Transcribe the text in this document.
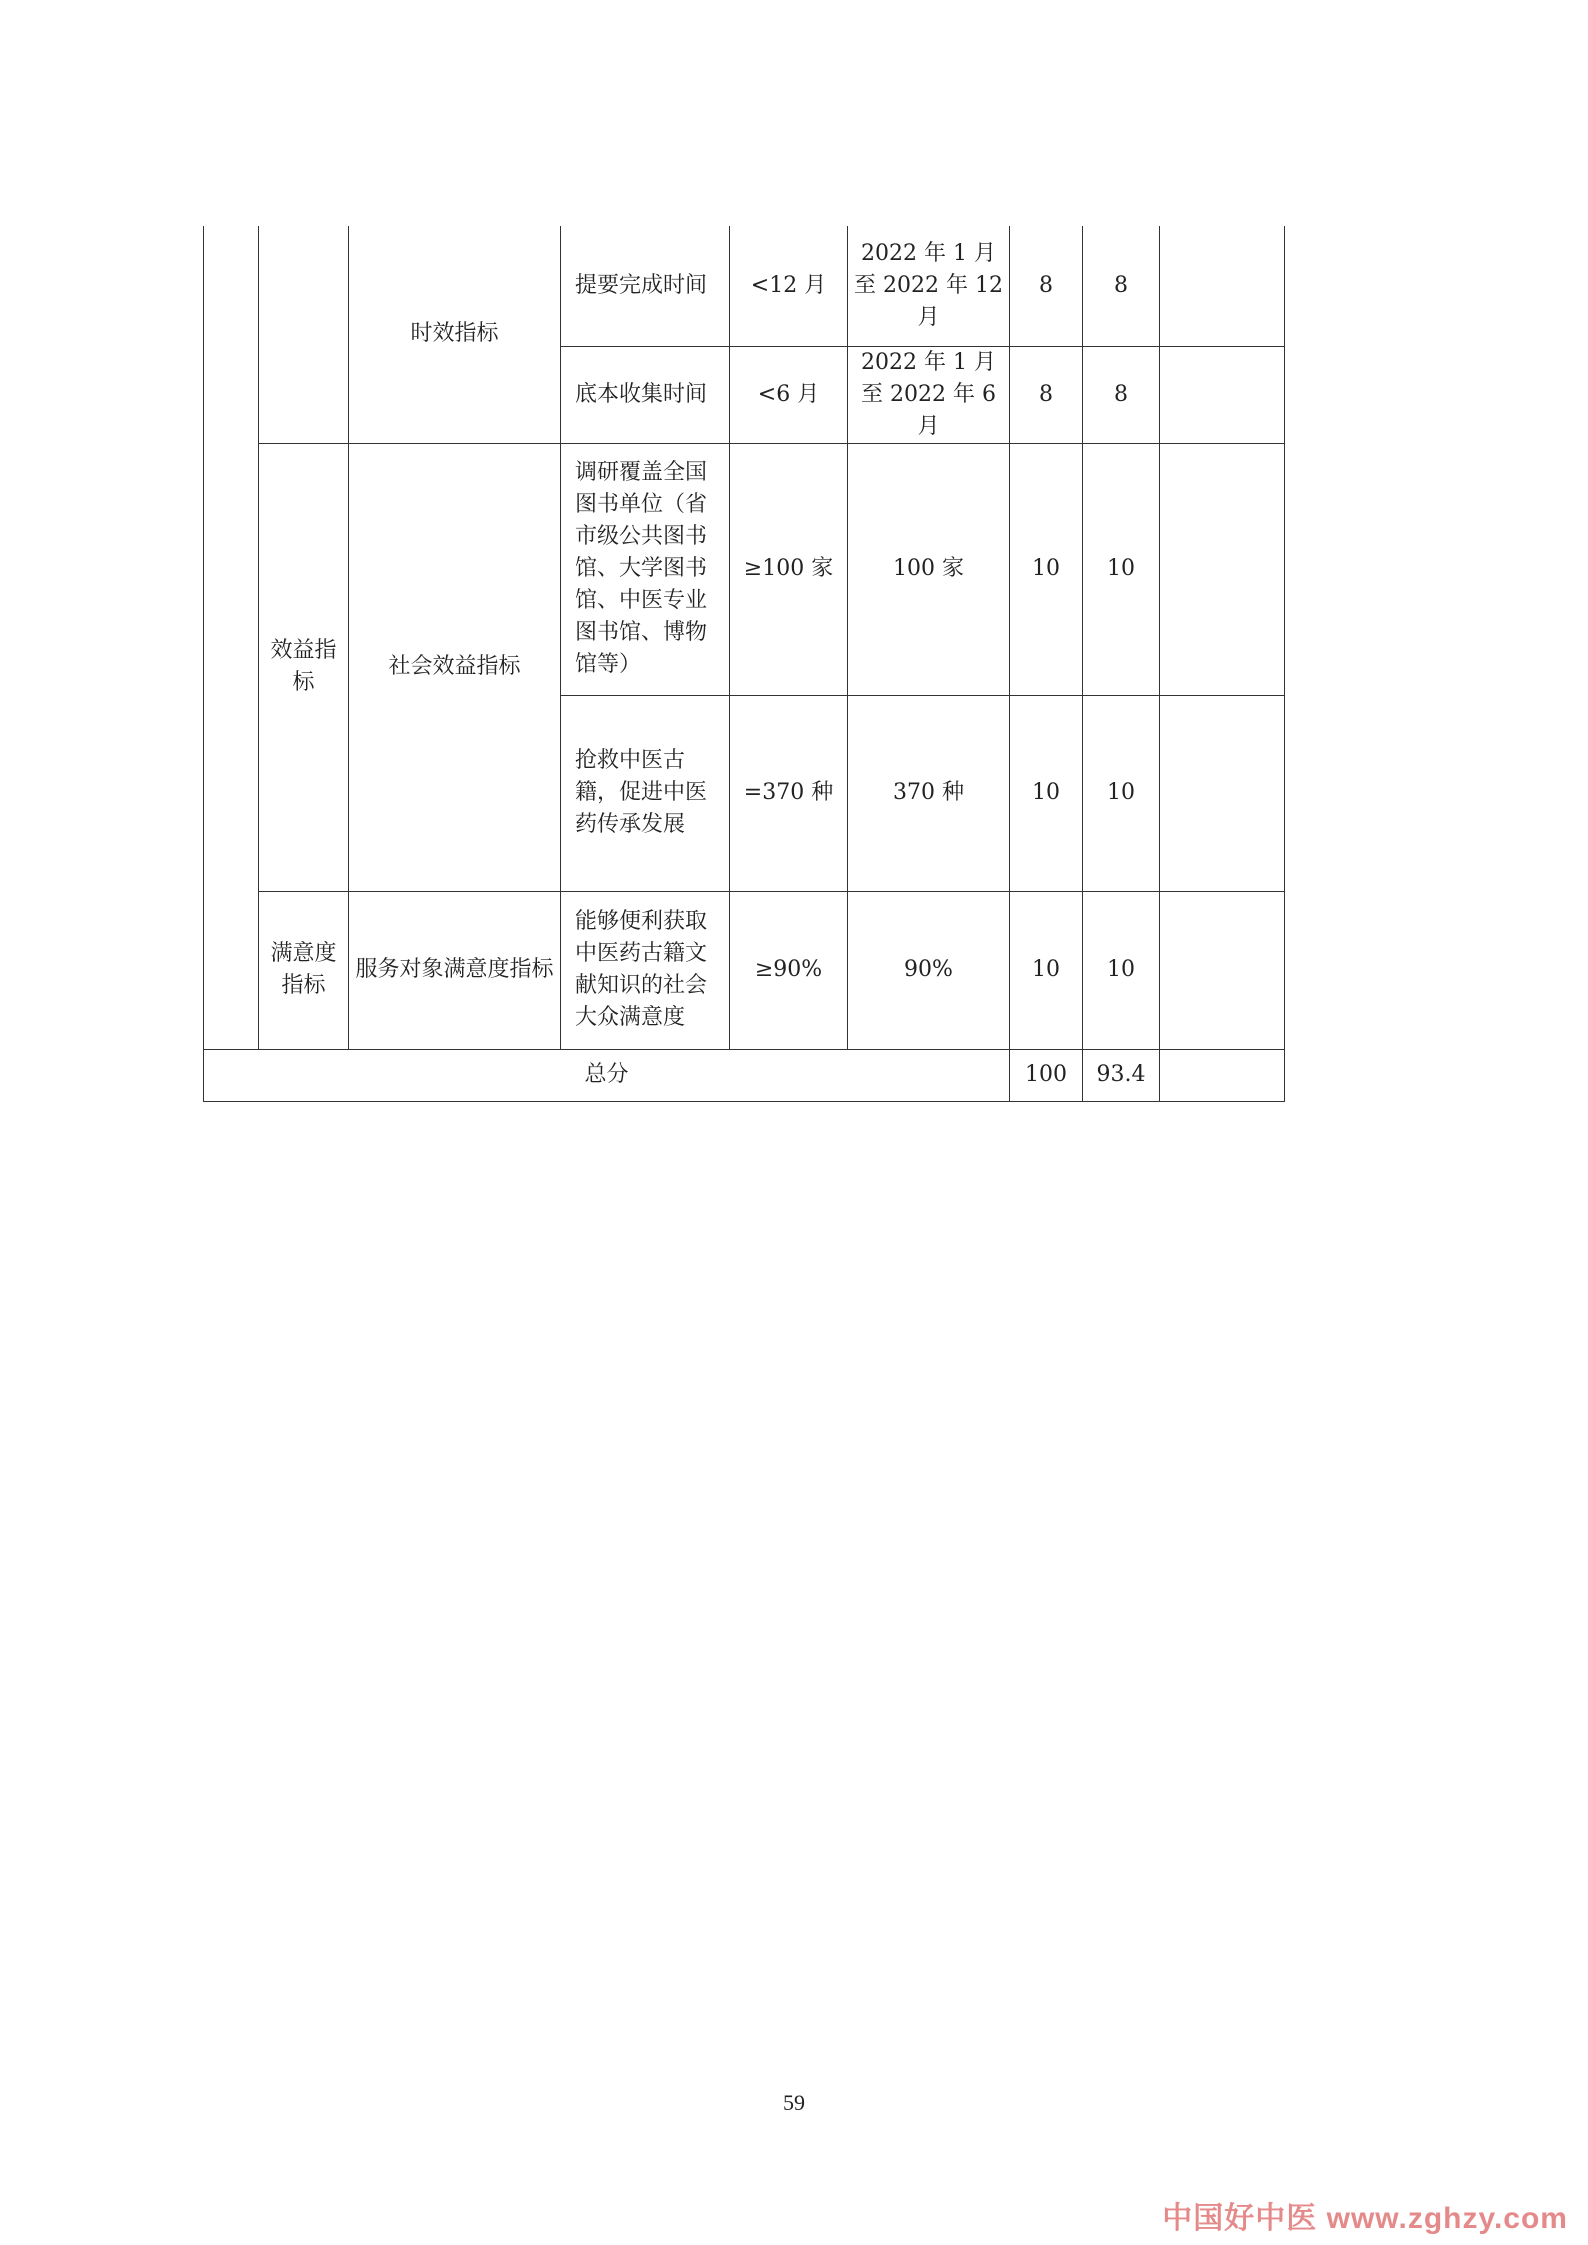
		时效指标	提要完成时间	<12 月	2022 年 1 月至 2022 年 12 月	8	8	
			底本收集时间	<6 月	2022 年 1 月至 2022 年 6 月	8	8	
	效益指标	社会效益指标	调研覆盖全国图书单位（省市级公共图书馆、大学图书馆、中医专业图书馆、博物馆等）	≥100 家	100 家	10	10	
			抢救中医古籍，促进中医药传承发展	=370 种	370 种	10	10	
	满意度指标	服务对象满意度指标	能够便利获取中医药古籍文献知识的社会大众满意度	≥90%	90%	10	10	

总分						100	93.4	
59
中国好中医 www.zghzy.com
